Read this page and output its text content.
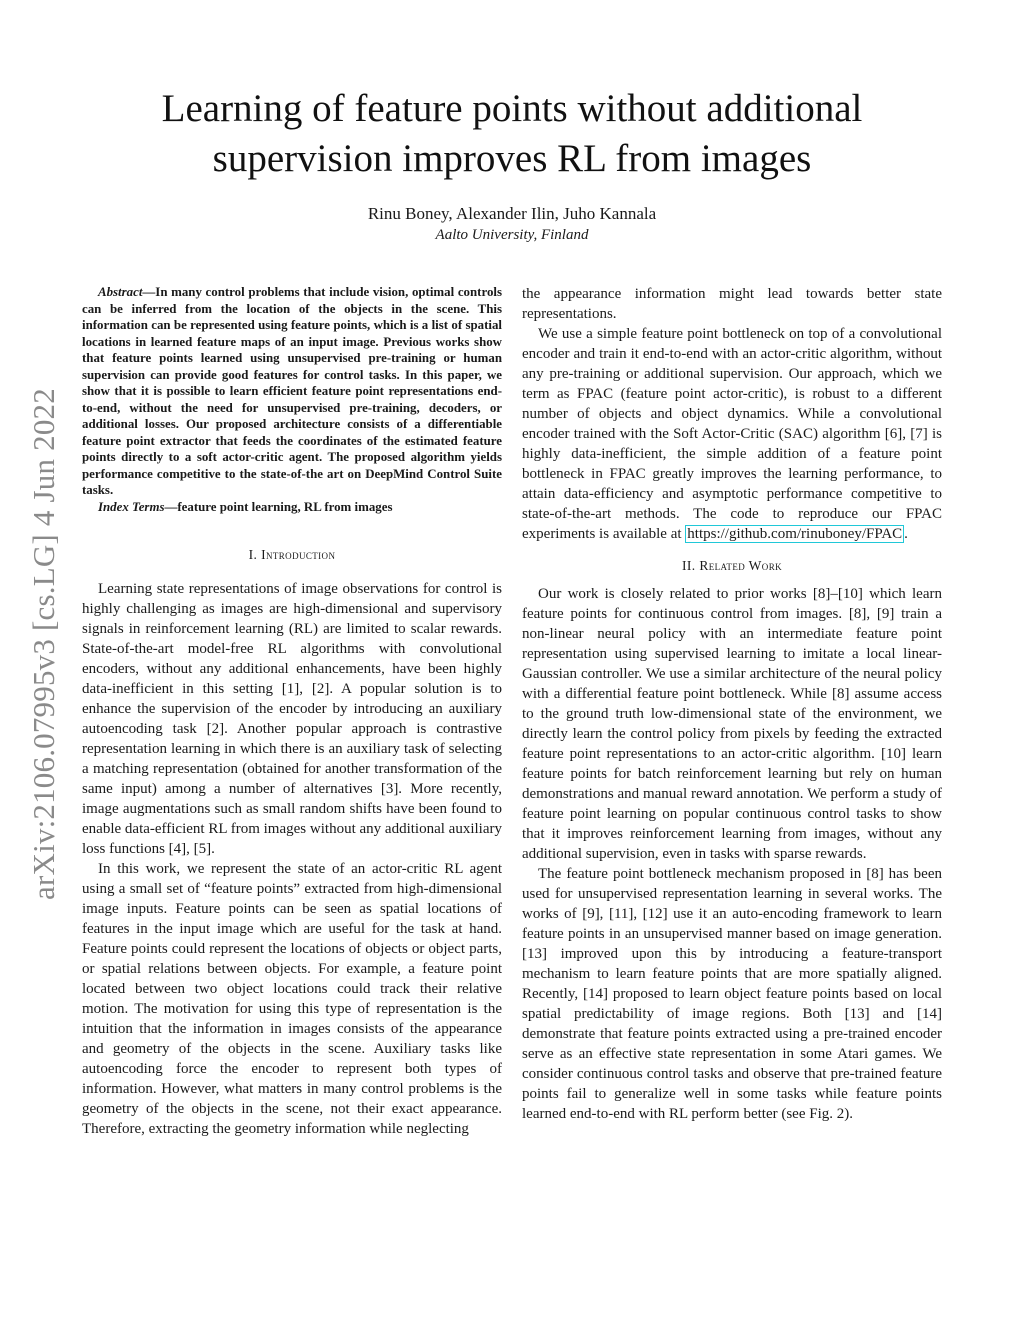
arXiv:2106.07995v3 [cs.LG] 4 Jun 2022
Learning of feature points without additional
supervision improves RL from images
Rinu Boney, Alexander Ilin, Juho Kannala
Aalto University, Finland

Abstract—In many control problems that include vision, optimal controls can be inferred from the location of the objects in the scene. This information can be represented using feature points, which is a list of spatial locations in learned feature maps of an input image. Previous works show that feature points learned using unsupervised pre-training or human supervision can provide good features for control tasks. In this paper, we show that it is possible to learn efficient feature point representations end-to-end, without the need for unsupervised pre-training, decoders, or additional losses. Our proposed architecture consists of a differentiable feature point extractor that feeds the coordinates of the estimated feature points directly to a soft actor-critic agent. The proposed algorithm yields performance competitive to the state-of-the art on DeepMind Control Suite tasks.

Index Terms—feature point learning, RL from images

I. Introduction

Learning state representations of image observations for control is highly challenging as images are high-dimensional and supervisory signals in reinforcement learning (RL) are limited to scalar rewards. State-of-the-art model-free RL algorithms with convolutional encoders, without any additional enhancements, have been highly data-inefficient in this setting [1], [2]. A popular solution is to enhance the supervision of the encoder by introducing an auxiliary autoencoding task [2]. Another popular approach is contrastive representation learning in which there is an auxiliary task of selecting a matching representation (obtained for another transformation of the same input) among a number of alternatives [3]. More recently, image augmentations such as small random shifts have been found to enable data-efficient RL from images without any additional auxiliary loss functions [4], [5].

In this work, we represent the state of an actor-critic RL agent using a small set of “feature points” extracted from high-dimensional image inputs. Feature points can be seen as spatial locations of features in the input image which are useful for the task at hand. Feature points could represent the locations of objects or object parts, or spatial relations between objects. For example, a feature point located between two object locations could track their relative motion. The motivation for using this type of representation is the intuition that the information in images consists of the appearance and geometry of the objects in the scene. Auxiliary tasks like autoencoding force the encoder to represent both types of information. However, what matters in many control problems is the geometry of the objects in the scene, not their exact appearance. Therefore, extracting the geometry information while neglecting

the appearance information might lead towards better state representations.

We use a simple feature point bottleneck on top of a convolutional encoder and train it end-to-end with an actor-critic algorithm, without any pre-training or additional supervision. Our approach, which we term as FPAC (feature point actor-critic), is robust to a different number of objects and object dynamics. While a convolutional encoder trained with the Soft Actor-Critic (SAC) algorithm [6], [7] is highly data-inefficient, the simple addition of a feature point bottleneck in FPAC greatly improves the learning performance, to attain data-efficiency and asymptotic performance competitive to state-of-the-art methods. The code to reproduce our FPAC experiments is available at https://github.com/rinuboney/FPAC .

II. Related Work

Our work is closely related to prior works [8]–[10] which learn feature points for continuous control from images. [8], [9] train a non-linear neural policy with an intermediate feature point representation using supervised learning to imitate a local linear-Gaussian controller. We use a similar architecture of the neural policy with a differential feature point bottleneck. While [8] assume access to the ground truth low-dimensional state of the environment, we directly learn the control policy from pixels by feeding the extracted feature point representations to an actor-critic algorithm. [10] learn feature points for batch reinforcement learning but rely on human demonstrations and manual reward annotation. We perform a study of feature point learning on popular continuous control tasks to show that it improves reinforcement learning from images, without any additional supervision, even in tasks with sparse rewards.

The feature point bottleneck mechanism proposed in [8] has been used for unsupervised representation learning in several works. The works of [9], [11], [12] use it an auto-encoding framework to learn feature points in an unsupervised manner based on image generation. [13] improved upon this by introducing a feature-transport mechanism to learn feature points that are more spatially aligned. Recently, [14] proposed to learn object feature points based on local spatial predictability of image regions. Both [13] and [14] demonstrate that feature points extracted using a pre-trained encoder serve as an effective state representation in some Atari games. We consider continuous control tasks and observe that pre-trained feature points fail to generalize well in some tasks while feature points learned end-to-end with RL perform better (see Fig. 2).
